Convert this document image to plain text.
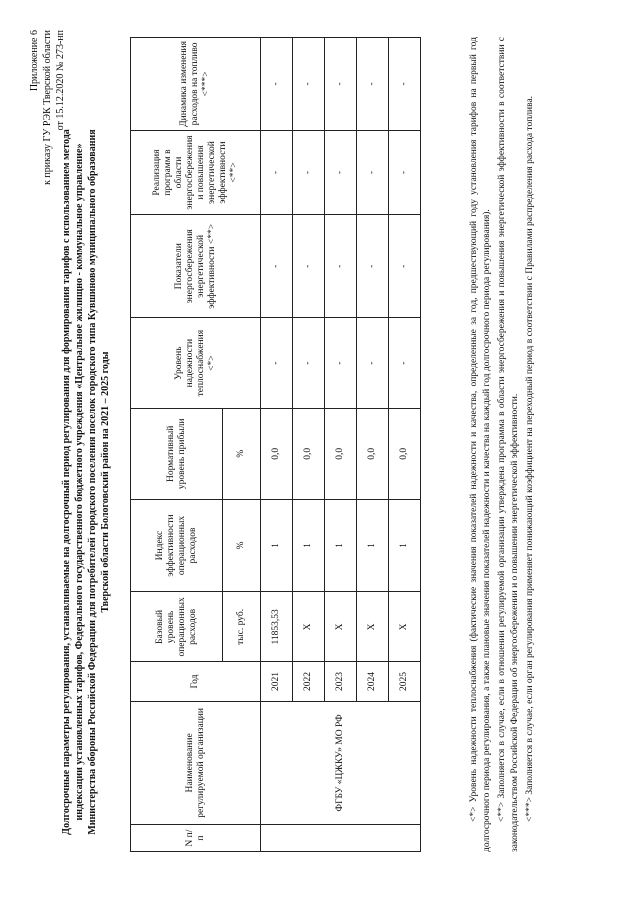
Приложение 6 к приказу ГУ РЭК Тверской области от 15.12.2020 № 273-нп
Долгосрочные параметры регулирования, устанавливаемые на долгосрочный период регулирования для формирования тарифов с использованием метода индексации установленных тарифов, Федерального государственного бюджетного учреждения «Центральное жилищно - коммунальное управление» Министерства обороны Российской Федерации для потребителей городского поселения поселок городского типа Кувшиново муниципального образования Тверской области Бологовский район на 2021 – 2025 годы
N п/п	Наименование регулируемой организации	Год	Базовый уровень операционных расходов	Индекс эффективности операционных расходов	Нормативный уровень прибыли	Уровень надежности теплоснабжения <*>	Показатели энергосбережения энергетической эффективности <**>	Реализация программ в области энергосбережения и повышения энергетической эффективности <**>	Динамика изменения расходов на топливо <***>
			тыс. руб.	%	%				
	ФГБУ «ЦЖКУ» МО РФ	2021	11853,53	1	0,0	-	-	-	-
		2022	X	1	0,0	-	-	-	-
		2023	X	1	0,0	-	-	-	-
		2024	X	1	0,0	-	-	-	-
		2025	X	1	0,0	-	-	-	-	<*> Уровень надежности теплоснабжения (фактические значения показателей надежности и качества, определенные за год, предшествующий году установления тарифов на первый год долгосрочного периода регулирования, а также плановые значения показателей надежности и качества на каждый год долгосрочного периода регулирования). <**> Заполняется в случае, если в отношении регулируемой организации утверждена программа в области энергосбережения и повышения энергетической эффективности в соответствии с законодательством Российской Федерации об энергосбережении и о повышении энергетической эффективности. <***> Заполняется в случае, если орган регулирования применяет понижающий коэффициент на переходный период в соответствии с Правилами распределения расхода топлива.
